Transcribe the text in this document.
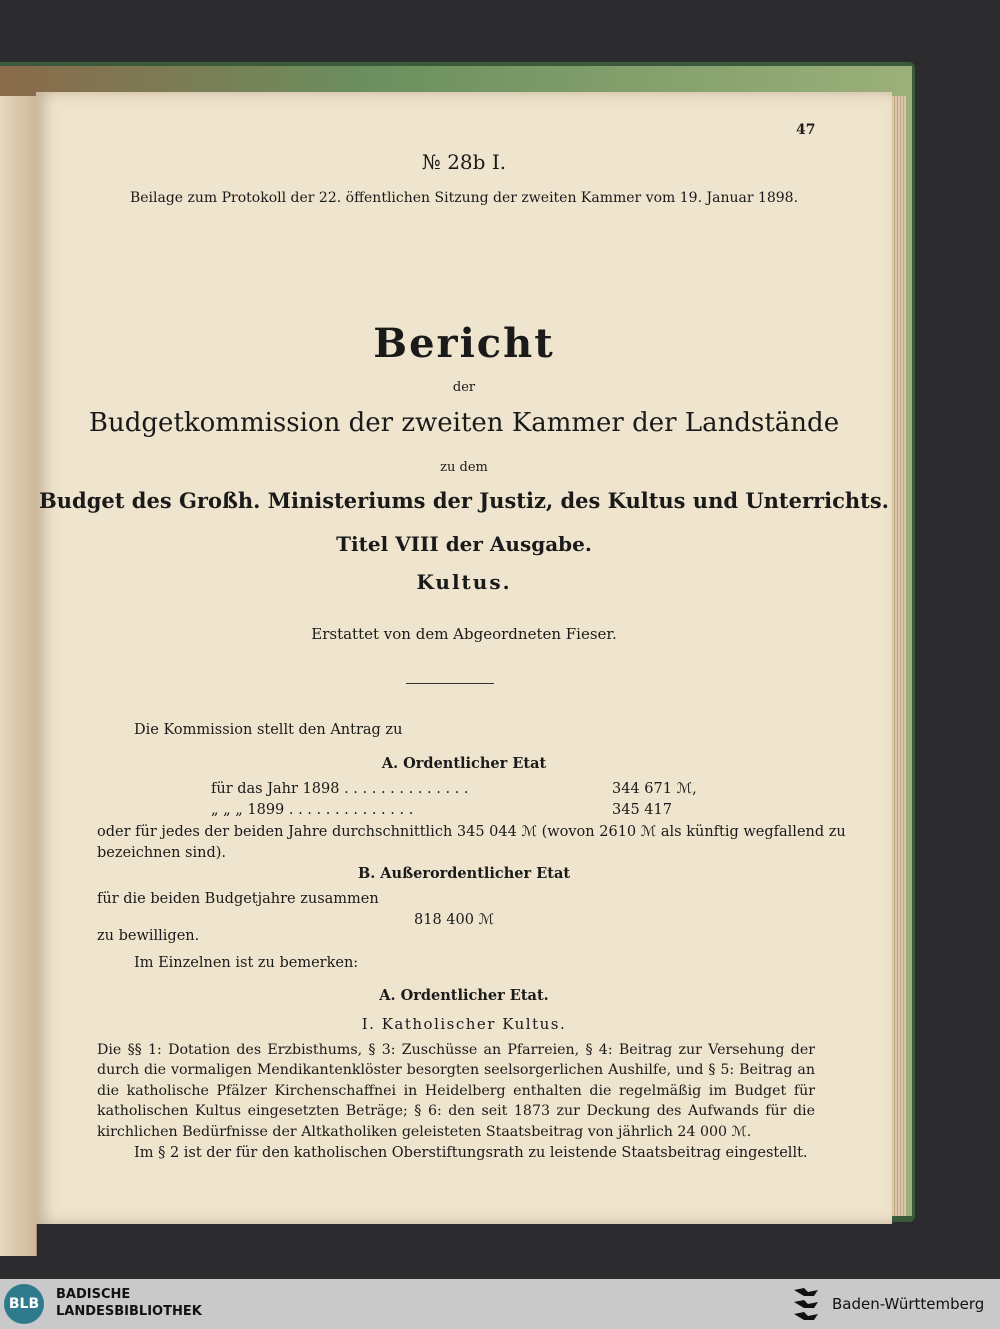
47
№ 28b I.
Beilage zum Protokoll der 22. öffentlichen Sitzung der zweiten Kammer vom 19. Januar 1898.
Bericht
der
Budgetkommission der zweiten Kammer der Landstände
zu dem
Budget des Großh. Ministeriums der Justiz, des Kultus und Unterrichts.
Titel VIII der Ausgabe.
Kultus.
Erstattet von dem Abgeordneten Fieser.
Die Kommission stellt den Antrag zu
A. Ordentlicher Etat
für das Jahr 1898 . . . . . . . . . . . . . .	344 671 ℳ,
„ „ „ 1899 . . . . . . . . . . . . . .	345 417
oder für jedes der beiden Jahre durchschnittlich 345 044 ℳ (wovon 2610 ℳ als künftig wegfallend zu
bezeichnen sind).
B. Außerordentlicher Etat
für die beiden Budgetjahre zusammen
818 400 ℳ
zu bewilligen.
Im Einzelnen ist zu bemerken:
A. Ordentlicher Etat.
I. Katholischer Kultus.

Die §§ 1: Dotation des Erzbisthums, § 3: Zuschüsse an Pfarreien, § 4: Beitrag zur Versehung der durch die vormaligen Mendikantenklöster besorgten seelsorgerlichen Aushilfe, und § 5: Beitrag an die katholische Pfälzer Kirchenschaffnei in Heidelberg enthalten die regelmäßig im Budget für katholischen Kultus eingesetzten Beträge; § 6: den seit 1873 zur Deckung des Aufwands für die kirchlichen Bedürfnisse der Altkatholiken geleisteten Staatsbeitrag von jährlich 24 000 ℳ.

Im § 2 ist der für den katholischen Oberstiftungsrath zu leistende Staatsbeitrag eingestellt.
BLB
BADISCHE
LANDESBIBLIOTHEK	Baden-Württemberg
